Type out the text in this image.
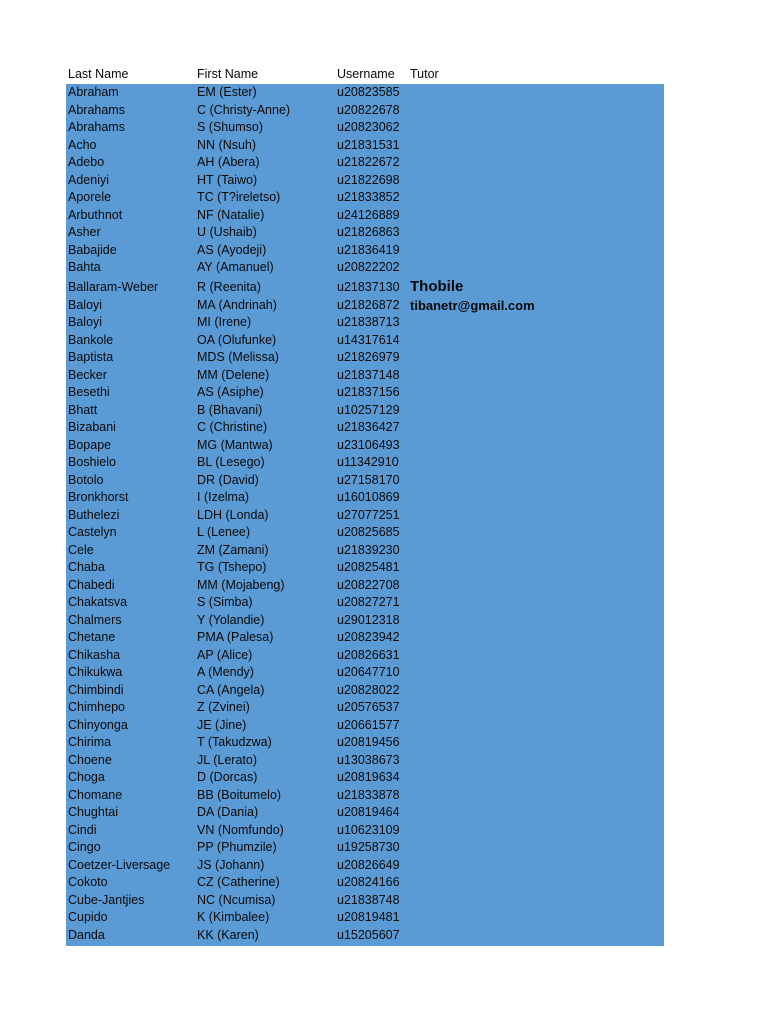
Last Name	First Name	Username Tutor
Abraham	EM (Ester)	u20823585
Abrahams	C (Christy-Anne)	u20822678
Abrahams	S (Shumso)	u20823062
Acho	NN (Nsuh)	u21831531
Adebo	AH (Abera)	u21822672
Adeniyi	HT (Taiwo)	u21822698
Aporele	TC (T?ireletso)	u21833852
Arbuthnot	NF (Natalie)	u24126889
Asher	U (Ushaib)	u21826863
Babajide	AS (Ayodeji)	u21836419
Bahta	AY (Amanuel)	u20822202
Ballaram-Weber	R (Reenita)	u21837130 Thobile
Baloyi	MA (Andrinah)	u21826872 tibanetr@gmail.com
Baloyi	MI (Irene)	u21838713
Bankole	OA (Olufunke)	u14317614
Baptista	MDS (Melissa)	u21826979
Becker	MM (Delene)	u21837148
Besethi	AS (Asiphe)	u21837156
Bhatt	B (Bhavani)	u10257129
Bizabani	C (Christine)	u21836427
Bopape	MG (Mantwa)	u23106493
Boshielo	BL (Lesego)	u11342910
Botolo	DR (David)	u27158170
Bronkhorst	I (Izelma)	u16010869
Buthelezi	LDH (Londa)	u27077251
Castelyn	L (Lenee)	u20825685
Cele	ZM (Zamani)	u21839230
Chaba	TG (Tshepo)	u20825481
Chabedi	MM (Mojabeng)	u20822708
Chakatsva	S (Simba)	u20827271
Chalmers	Y (Yolandie)	u29012318
Chetane	PMA (Palesa)	u20823942
Chikasha	AP (Alice)	u20826631
Chikukwa	A (Mendy)	u20647710
Chimbindi	CA (Angela)	u20828022
Chimhepo	Z (Zvinei)	u20576537
Chinyonga	JE (Jine)	u20661577
Chirima	T (Takudzwa)	u20819456
Choene	JL (Lerato)	u13038673
Choga	D (Dorcas)	u20819634
Chomane	BB (Boitumelo)	u21833878
Chughtai	DA (Dania)	u20819464
Cindi	VN (Nomfundo)	u10623109
Cingo	PP (Phumzile)	u19258730
Coetzer-Liversage JS (Johann)	u20826649
Cokoto	CZ (Catherine)	u20824166
Cube-Jantjies	NC (Ncumisa)	u21838748
Cupido	K (Kimbalee)	u20819481
Danda	KK (Karen)	u15205607
